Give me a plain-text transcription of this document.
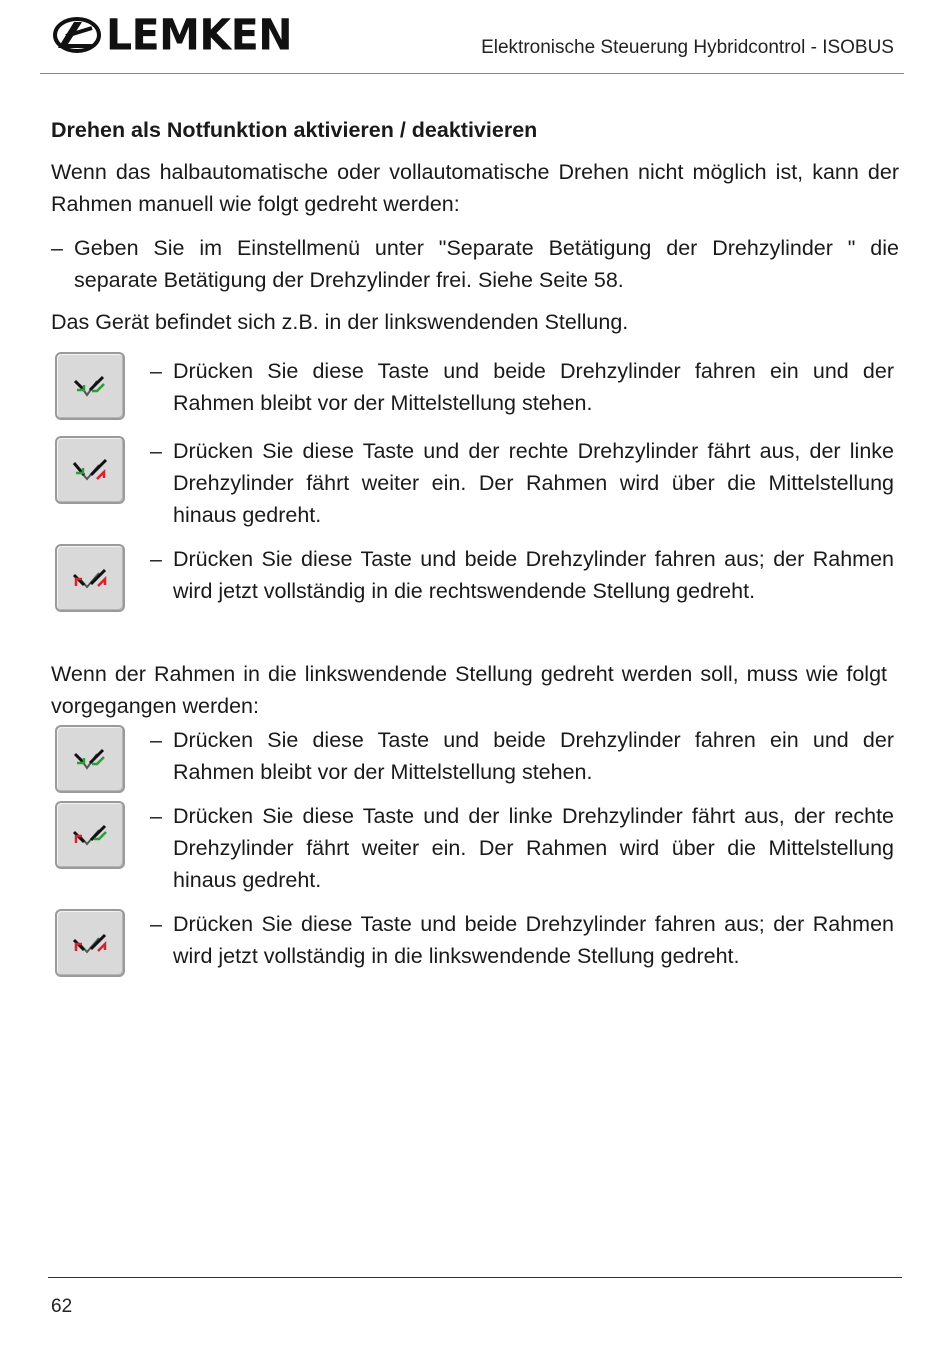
LEMKEN	Elektronische Steuerung Hybridcontrol - ISOBUS
Drehen als Notfunktion aktivieren / deaktivieren

Wenn das halbautomatische oder vollautomatische Drehen nicht möglich ist, kann der Rahmen manuell wie folgt gedreht werden:

– Geben Sie im Einstellmenü unter "Separate Betätigung der Drehzylinder " die separate Betätigung der Drehzylinder frei. Siehe Seite 58.

Das Gerät befindet sich z.B. in der linkswendenden Stellung.

– Drücken Sie diese Taste und beide Drehzylinder fahren ein und der Rahmen bleibt vor der Mittelstellung stehen.
– Drücken Sie diese Taste und der rechte Drehzylinder fährt aus, der linke Drehzylinder fährt weiter ein. Der Rahmen wird über die Mittelstellung hinaus gedreht.
– Drücken Sie diese Taste und beide Drehzylinder fahren aus; der Rahmen wird jetzt vollständig in die rechtswendende Stellung gedreht.

Wenn der Rahmen in die linkswendende Stellung gedreht werden soll, muss wie folgt vorgegangen werden:

– Drücken Sie diese Taste und beide Drehzylinder fahren ein und der Rahmen bleibt vor der Mittelstellung stehen.
– Drücken Sie diese Taste und der linke Drehzylinder fährt aus, der rechte Drehzylinder fährt weiter ein. Der Rahmen wird über die Mittelstellung hinaus gedreht.
– Drücken Sie diese Taste und beide Drehzylinder fahren aus; der Rahmen wird jetzt vollständig in die linkswendende Stellung gedreht.
62
